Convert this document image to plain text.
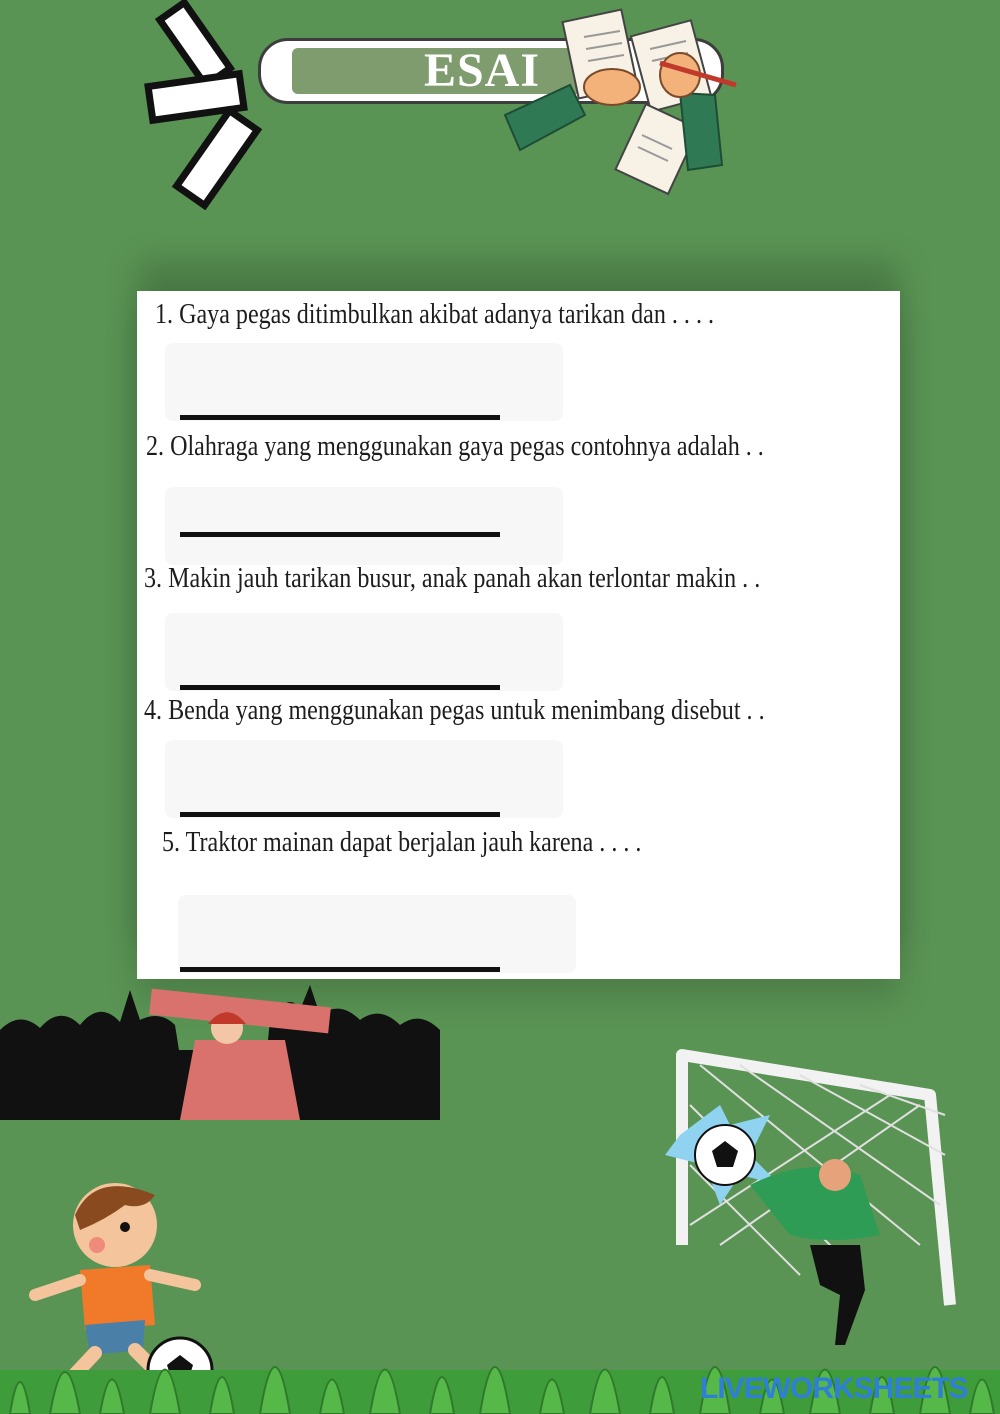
ESAI
1. Gaya pegas ditimbulkan akibat adanya tarikan dan . . . .
2. Olahraga yang menggunakan gaya pegas contohnya adalah . .
3. Makin jauh tarikan busur, anak panah akan terlontar makin . .
4. Benda yang menggunakan pegas untuk menimbang disebut . .
5. Traktor mainan dapat berjalan jauh karena . . . .
LIVEWORKSHEETS
